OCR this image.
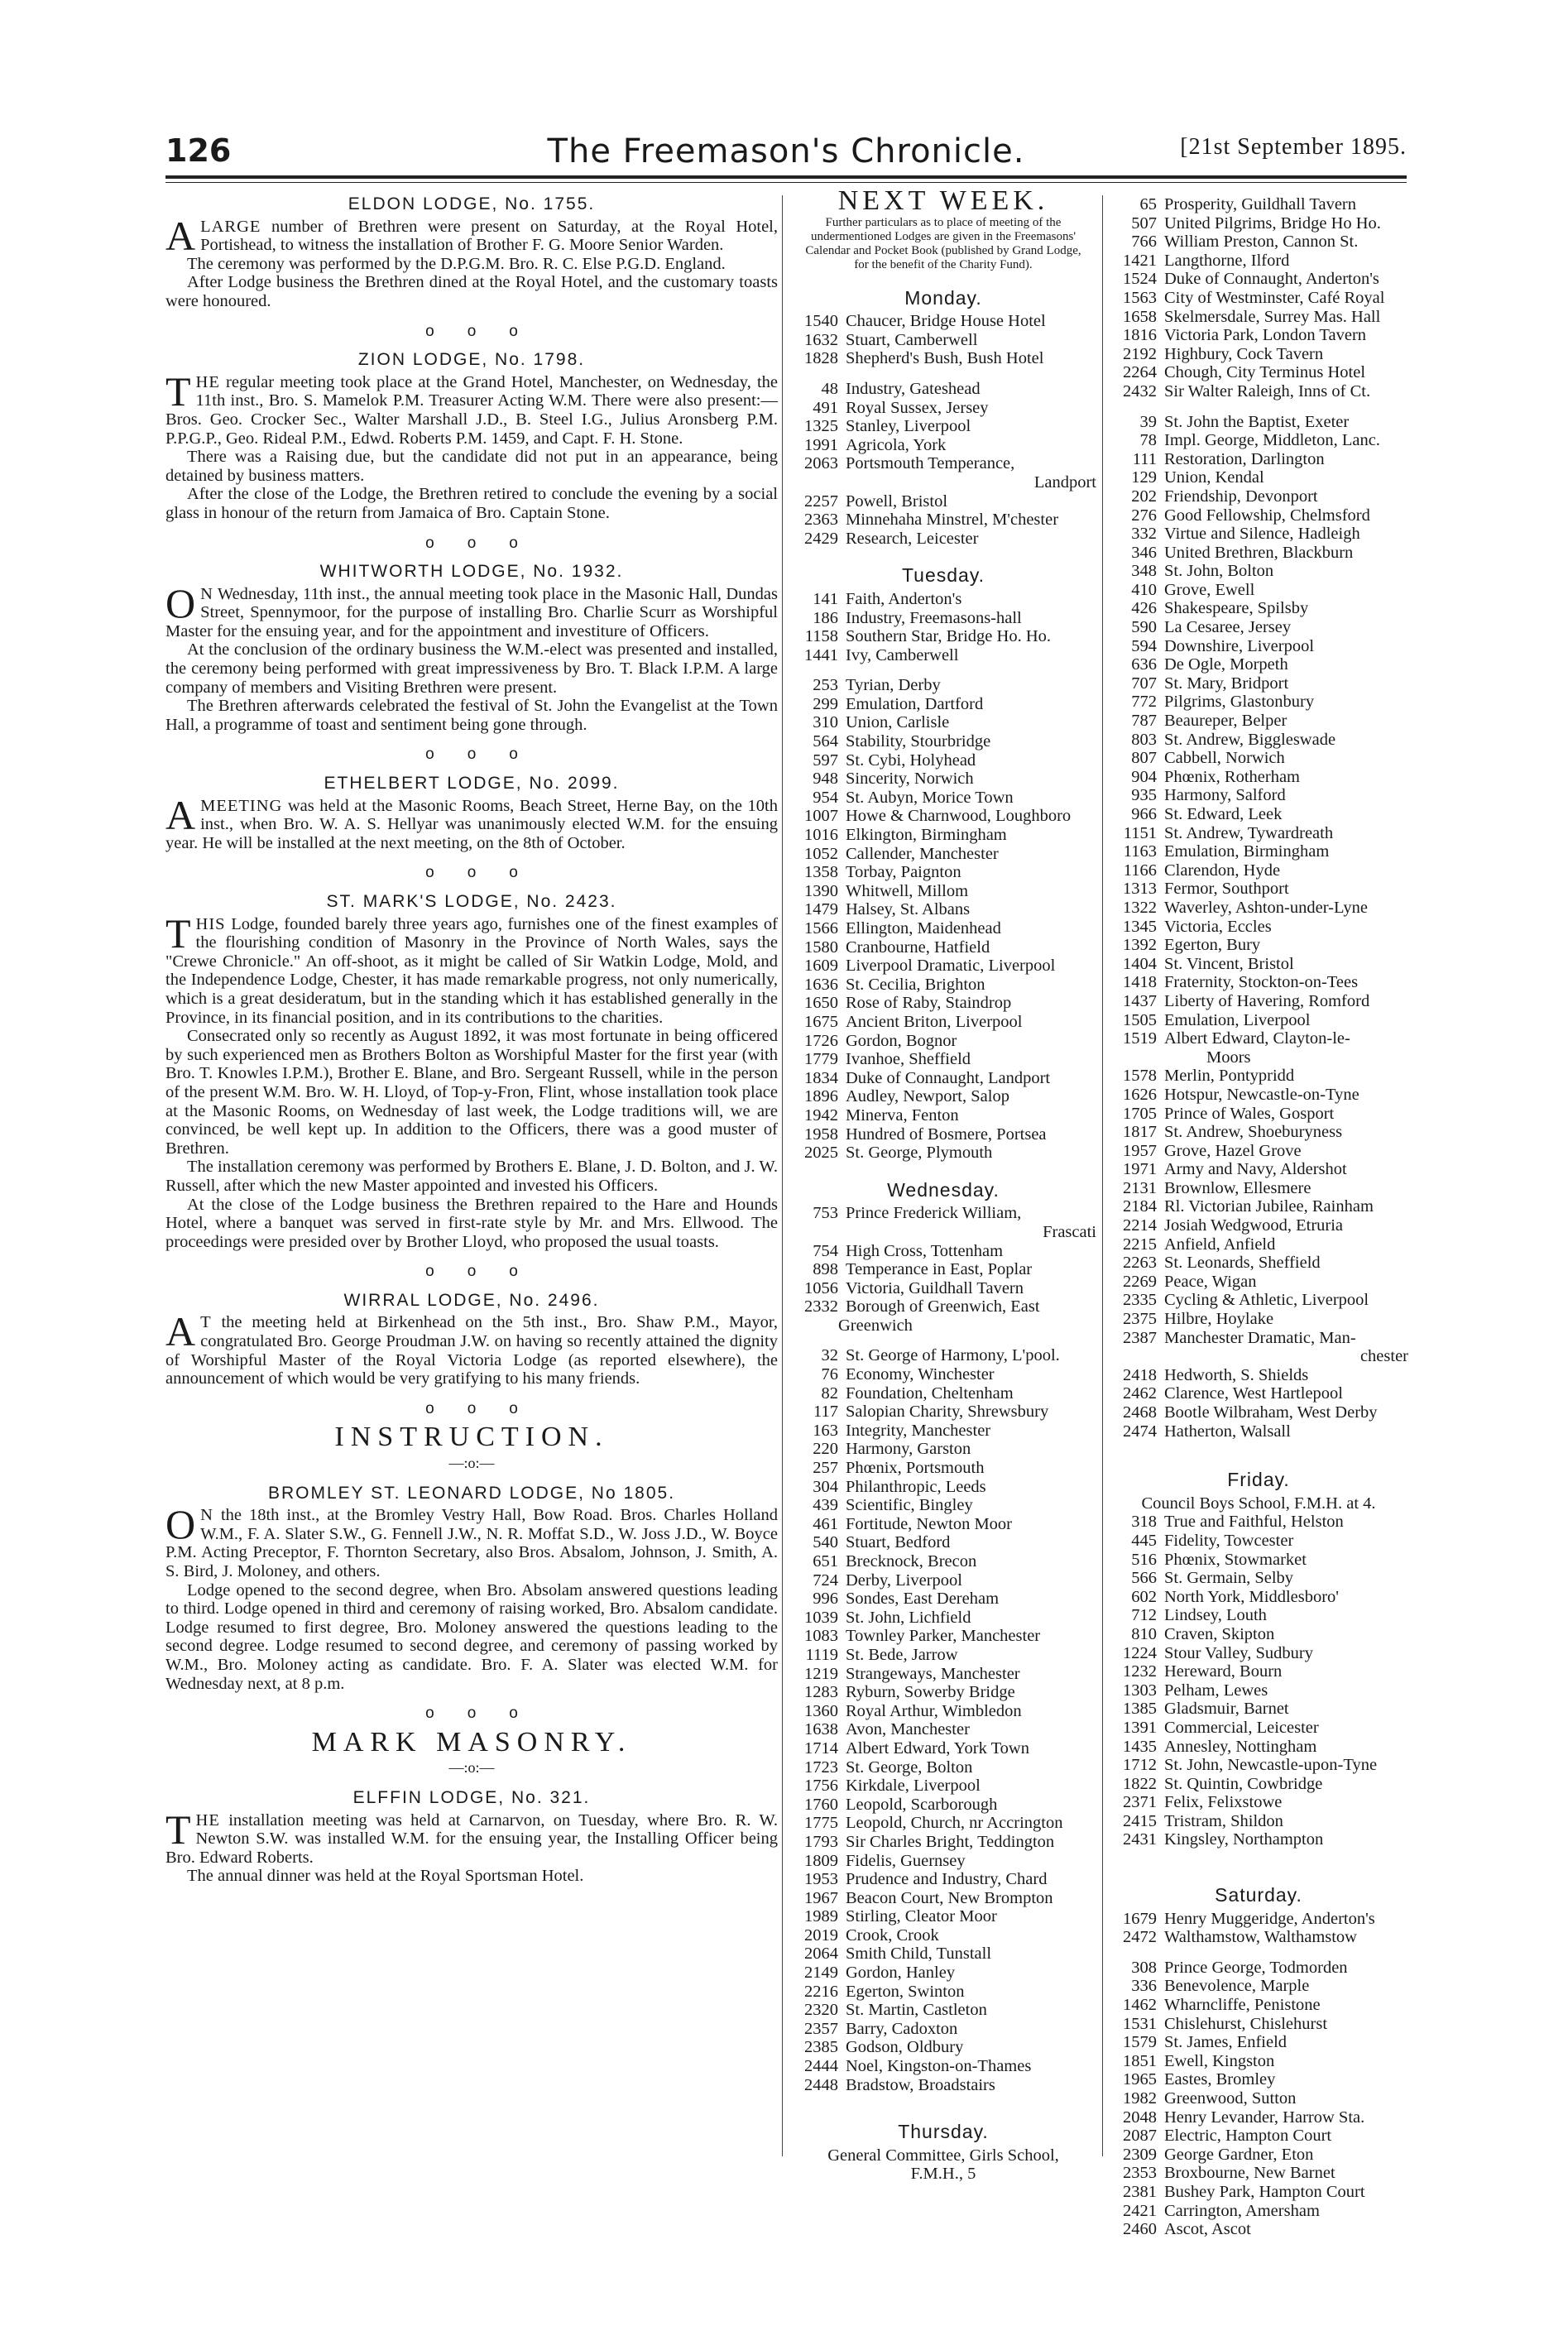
126	The Freemason's Chronicle.	[21st September 1895.
ELDON LODGE, No. 1755.

ALARGE number of Brethren were present on Saturday, at the Royal Hotel, Portishead, to witness the installation of Brother F. G. Moore Senior Warden.

The ceremony was performed by the D.P.G.M. Bro. R. C. Else P.G.D. England.

After Lodge business the Brethren dined at the Royal Hotel, and the customary toasts were honoured.

ooo
ZION LODGE, No. 1798.

THE regular meeting took place at the Grand Hotel, Manchester, on Wednesday, the 11th inst., Bro. S. Mamelok P.M. Treasurer Acting W.M. There were also present:—Bros. Geo. Crocker Sec., Walter Marshall J.D., B. Steel I.G., Julius Aronsberg P.M. P.P.G.P., Geo. Rideal P.M., Edwd. Roberts P.M. 1459, and Capt. F. H. Stone.

There was a Raising due, but the candidate did not put in an appearance, being detained by business matters.

After the close of the Lodge, the Brethren retired to conclude the evening by a social glass in honour of the return from Jamaica of Bro. Captain Stone.

ooo
WHITWORTH LODGE, No. 1932.

O N Wednesday, 11th inst., the annual meeting took place in the Masonic Hall, Dundas Street, Spennymoor, for the purpose of installing Bro. Charlie Scurr as Worshipful Master for the ensuing year, and for the appointment and investiture of Officers.

At the conclusion of the ordinary business the W.M.-elect was presented and installed, the ceremony being performed with great impressiveness by Bro. T. Black I.P.M. A large company of members and Visiting Brethren were present.

The Brethren afterwards celebrated the festival of St. John the Evangelist at the Town Hall, a programme of toast and sentiment being gone through.

ooo
ETHELBERT LODGE, No. 2099.

AMEETING was held at the Masonic Rooms, Beach Street, Herne Bay, on the 10th inst., when Bro. W. A. S. Hellyar was unanimously elected W.M. for the ensuing year. He will be installed at the next meeting, on the 8th of October.

ooo
ST. MARK'S LODGE, No. 2423.

THIS Lodge, founded barely three years ago, furnishes one of the finest examples of the flourishing condition of Masonry in the Province of North Wales, says the "Crewe Chronicle." An off-shoot, as it might be called of Sir Watkin Lodge, Mold, and the Independence Lodge, Chester, it has made remarkable progress, not only numerically, which is a great desideratum, but in the standing which it has established generally in the Province, in its financial position, and in its contributions to the charities.

Consecrated only so recently as August 1892, it was most fortunate in being officered by such experienced men as Brothers Bolton as Worshipful Master for the first year (with Bro. T. Knowles I.P.M.), Brother E. Blane, and Bro. Sergeant Russell, while in the person of the present W.M. Bro. W. H. Lloyd, of Top-y-Fron, Flint, whose installation took place at the Masonic Rooms, on Wednesday of last week, the Lodge traditions will, we are convinced, be well kept up. In addition to the Officers, there was a good muster of Brethren.

The installation ceremony was performed by Brothers E. Blane, J. D. Bolton, and J. W. Russell, after which the new Master appointed and invested his Officers.

At the close of the Lodge business the Brethren repaired to the Hare and Hounds Hotel, where a banquet was served in first-rate style by Mr. and Mrs. Ellwood. The proceedings were presided over by Brother Lloyd, who proposed the usual toasts.

ooo
WIRRAL LODGE, No. 2496.

A T the meeting held at Birkenhead on the 5th inst., Bro. Shaw P.M., Mayor, congratulated Bro. George Proudman J.W. on having so recently attained the dignity of Worshipful Master of the Royal Victoria Lodge (as reported elsewhere), the announcement of which would be very gratifying to his many friends.

ooo
INSTRUCTION.
—:o:—
BROMLEY ST. LEONARD LODGE, No 1805.

O N the 18th inst., at the Bromley Vestry Hall, Bow Road. Bros. Charles Holland W.M., F. A. Slater S.W., G. Fennell J.W., N. R. Moffat S.D., W. Joss J.D., W. Boyce P.M. Acting Preceptor, F. Thornton Secretary, also Bros. Absalom, Johnson, J. Smith, A. S. Bird, J. Moloney, and others.

Lodge opened to the second degree, when Bro. Absolam answered questions leading to third. Lodge opened in third and ceremony of raising worked, Bro. Absalom candidate. Lodge resumed to first degree, Bro. Moloney answered the questions leading to the second degree. Lodge resumed to second degree, and ceremony of passing worked by W.M., Bro. Moloney acting as candidate. Bro. F. A. Slater was elected W.M. for Wednesday next, at 8 p.m.

ooo
MARK MASONRY.
—:o:—
ELFFIN LODGE, No. 321.

THE installation meeting was held at Carnarvon, on Tuesday, where Bro. R. W. Newton S.W. was installed W.M. for the ensuing year, the Installing Officer being Bro. Edward Roberts.

The annual dinner was held at the Royal Sportsman Hotel.

NEXT WEEK.
Further particulars as to place of meeting of the undermentioned Lodges are given in the Freemasons' Calendar and Pocket Book (published by Grand Lodge, for the benefit of the Charity Fund).
Monday.
1540 Chaucer, Bridge House Hotel
1632 Stuart, Camberwell
1828 Shepherd's Bush, Bush Hotel
48 Industry, Gateshead
491 Royal Sussex, Jersey
1325 Stanley, Liverpool
1991 Agricola, York
2063 Portsmouth Temperance,
Landport
2257 Powell, Bristol
2363 Minnehaha Minstrel, M'chester
2429 Research, Leicester
Tuesday.
141 Faith, Anderton's
186 Industry, Freemasons-hall
1158 Southern Star, Bridge Ho. Ho.
1441 Ivy, Camberwell
253 Tyrian, Derby
299 Emulation, Dartford
310 Union, Carlisle
564 Stability, Stourbridge
597 St. Cybi, Holyhead
948 Sincerity, Norwich
954 St. Aubyn, Morice Town
1007 Howe & Charnwood, Loughboro
1016 Elkington, Birmingham
1052 Callender, Manchester
1358 Torbay, Paignton
1390 Whitwell, Millom
1479 Halsey, St. Albans
1566 Ellington, Maidenhead
1580 Cranbourne, Hatfield
1609 Liverpool Dramatic, Liverpool
1636 St. Cecilia, Brighton
1650 Rose of Raby, Staindrop
1675 Ancient Briton, Liverpool
1726 Gordon, Bognor
1779 Ivanhoe, Sheffield
1834 Duke of Connaught, Landport
1896 Audley, Newport, Salop
1942 Minerva, Fenton
1958 Hundred of Bosmere, Portsea
2025 St. George, Plymouth
Wednesday.
753 Prince Frederick William,
Frascati
754 High Cross, Tottenham
898 Temperance in East, Poplar
1056 Victoria, Guildhall Tavern
2332 Borough of Greenwich, East
Greenwich
32 St. George of Harmony, L'pool.
76 Economy, Winchester
82 Foundation, Cheltenham
117 Salopian Charity, Shrewsbury
163 Integrity, Manchester
220 Harmony, Garston
257 Phœnix, Portsmouth
304 Philanthropic, Leeds
439 Scientific, Bingley
461 Fortitude, Newton Moor
540 Stuart, Bedford
651 Brecknock, Brecon
724 Derby, Liverpool
996 Sondes, East Dereham
1039 St. John, Lichfield
1083 Townley Parker, Manchester
1119 St. Bede, Jarrow
1219 Strangeways, Manchester
1283 Ryburn, Sowerby Bridge
1360 Royal Arthur, Wimbledon
1638 Avon, Manchester
1714 Albert Edward, York Town
1723 St. George, Bolton
1756 Kirkdale, Liverpool
1760 Leopold, Scarborough
1775 Leopold, Church, nr Accrington
1793 Sir Charles Bright, Teddington
1809 Fidelis, Guernsey
1953 Prudence and Industry, Chard
1967 Beacon Court, New Brompton
1989 Stirling, Cleator Moor
2019 Crook, Crook
2064 Smith Child, Tunstall
2149 Gordon, Hanley
2216 Egerton, Swinton
2320 St. Martin, Castleton
2357 Barry, Cadoxton
2385 Godson, Oldbury
2444 Noel, Kingston-on-Thames
2448 Bradstow, Broadstairs
Thursday.
General Committee, Girls School,
F.M.H., 5
65 Prosperity, Guildhall Tavern
507 United Pilgrims, Bridge Ho Ho.
766 William Preston, Cannon St.
1421 Langthorne, Ilford
1524 Duke of Connaught, Anderton's
1563 City of Westminster, Café Royal
1658 Skelmersdale, Surrey Mas. Hall
1816 Victoria Park, London Tavern
2192 Highbury, Cock Tavern
2264 Chough, City Terminus Hotel
2432 Sir Walter Raleigh, Inns of Ct.
39 St. John the Baptist, Exeter
78 Impl. George, Middleton, Lanc.
111 Restoration, Darlington
129 Union, Kendal
202 Friendship, Devonport
276 Good Fellowship, Chelmsford
332 Virtue and Silence, Hadleigh
346 United Brethren, Blackburn
348 St. John, Bolton
410 Grove, Ewell
426 Shakespeare, Spilsby
590 La Cesaree, Jersey
594 Downshire, Liverpool
636 De Ogle, Morpeth
707 St. Mary, Bridport
772 Pilgrims, Glastonbury
787 Beaureper, Belper
803 St. Andrew, Biggleswade
807 Cabbell, Norwich
904 Phœnix, Rotherham
935 Harmony, Salford
966 St. Edward, Leek
1151 St. Andrew, Tywardreath
1163 Emulation, Birmingham
1166 Clarendon, Hyde
1313 Fermor, Southport
1322 Waverley, Ashton-under-Lyne
1345 Victoria, Eccles
1392 Egerton, Bury
1404 St. Vincent, Bristol
1418 Fraternity, Stockton-on-Tees
1437 Liberty of Havering, Romford
1505 Emulation, Liverpool
1519 Albert Edward, Clayton-le-
Moors
1578 Merlin, Pontypridd
1626 Hotspur, Newcastle-on-Tyne
1705 Prince of Wales, Gosport
1817 St. Andrew, Shoeburyness
1957 Grove, Hazel Grove
1971 Army and Navy, Aldershot
2131 Brownlow, Ellesmere
2184 Rl. Victorian Jubilee, Rainham
2214 Josiah Wedgwood, Etruria
2215 Anfield, Anfield
2263 St. Leonards, Sheffield
2269 Peace, Wigan
2335 Cycling & Athletic, Liverpool
2375 Hilbre, Hoylake
2387 Manchester Dramatic, Man-
chester
2418 Hedworth, S. Shields
2462 Clarence, West Hartlepool
2468 Bootle Wilbraham, West Derby
2474 Hatherton, Walsall
Friday.
Council Boys School, F.M.H. at 4.
318 True and Faithful, Helston
445 Fidelity, Towcester
516 Phœnix, Stowmarket
566 St. Germain, Selby
602 North York, Middlesboro'
712 Lindsey, Louth
810 Craven, Skipton
1224 Stour Valley, Sudbury
1232 Hereward, Bourn
1303 Pelham, Lewes
1385 Gladsmuir, Barnet
1391 Commercial, Leicester
1435 Annesley, Nottingham
1712 St. John, Newcastle-upon-Tyne
1822 St. Quintin, Cowbridge
2371 Felix, Felixstowe
2415 Tristram, Shildon
2431 Kingsley, Northampton
Saturday.
1679 Henry Muggeridge, Anderton's
2472 Walthamstow, Walthamstow
308 Prince George, Todmorden
336 Benevolence, Marple
1462 Wharncliffe, Penistone
1531 Chislehurst, Chislehurst
1579 St. James, Enfield
1851 Ewell, Kingston
1965 Eastes, Bromley
1982 Greenwood, Sutton
2048 Henry Levander, Harrow Sta.
2087 Electric, Hampton Court
2309 George Gardner, Eton
2353 Broxbourne, New Barnet
2381 Bushey Park, Hampton Court
2421 Carrington, Amersham
2460 Ascot, Ascot
